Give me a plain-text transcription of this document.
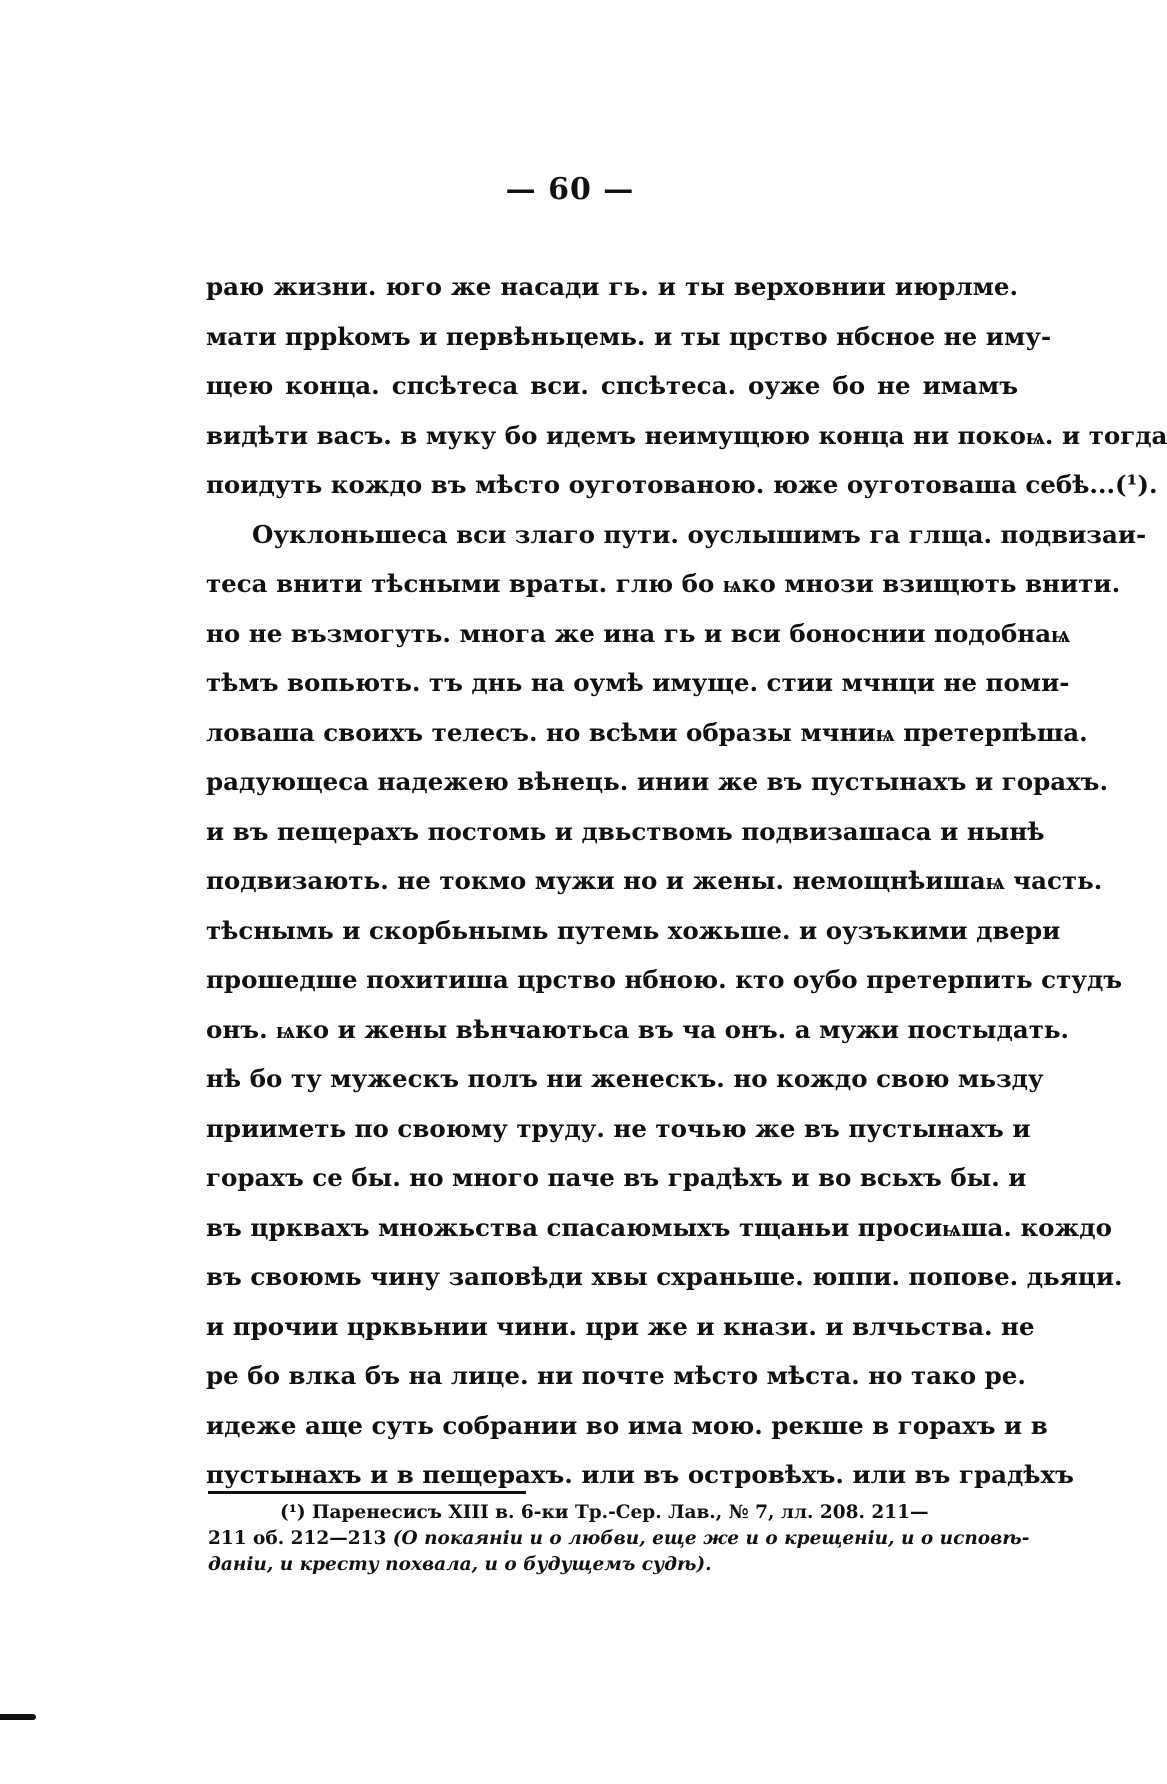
— 60 —
раю жизни. юго же насади гь. и ты верховнии июрлме.
мати пррkомъ и первѣньцемь. и ты црство нбсное не иму-
щею конца. спсѣтеса вси. спсѣтеса. оуже бо не имамъ
видѣти васъ. в муку бо идемъ неимущюю конца ни покоѩ. и тогда
поидуть кождо въ мѣсто оуготованою. юже оуготоваша себѣ...(¹).
Оуклоньшеса вси злаго пути. оуслышимъ га глща. подвизаи-
теса внити тѣсными враты. глю бо ѩко мнози взищють внити.
но не възмогуть. многа же ина гь и вси боноснии подобнаѩ
тѣмъ вопьють. тъ днь на оумѣ имуще. стии мчнци не поми-
ловаша своихъ телесъ. но всѣми образы мчниѩ претерпѣша.
радующеса надежею вѣнець. инии же въ пустынахъ и горахъ.
и въ пещерахъ постомь и двьствомь подвизашаса и нынѣ
подвизають. не токмо мужи но и жены. немощнѣишаѩ часть.
тѣснымь и скорбьнымь путемь хожьше. и оузъкими двери
прошедше похитиша црство нбною. кто оубо претерпить студъ
онъ. ѩко и жены вѣнчаютьса въ ча онъ. а мужи постыдать.
нѣ бо ту мужескъ полъ ни женескъ. но кождо свою мьзду
прииметь по своюму труду. не точью же въ пустынахъ и
горахъ се бы. но много паче въ градѣхъ и во всьхъ бы. и
въ црквахъ множьства спасаюмыхъ тщаньи просиѩша. кождо
въ своюмь чину заповѣди хвы схраньше. юппи. попове. дьяци.
и прочии црквьнии чини. цри же и кнази. и влчьства. не
ре бо влка бъ на лице. ни почте мѣсто мѣста. но тако ре.
идеже аще суть собрании во има мою. рекше в горахъ и в
пустынахъ и в пещерахъ. или въ островѣхъ. или въ градѣхъ
(¹) Паренесисъ XIII в. 6-ки Тр.-Сер. Лав., № 7, лл. 208. 211—
211 об. 212—213 (О покаяніи и о любви, еще же и о крещеніи, и о исповѣ-
даніи, и кресту похвала, и о будущемъ судѣ).
